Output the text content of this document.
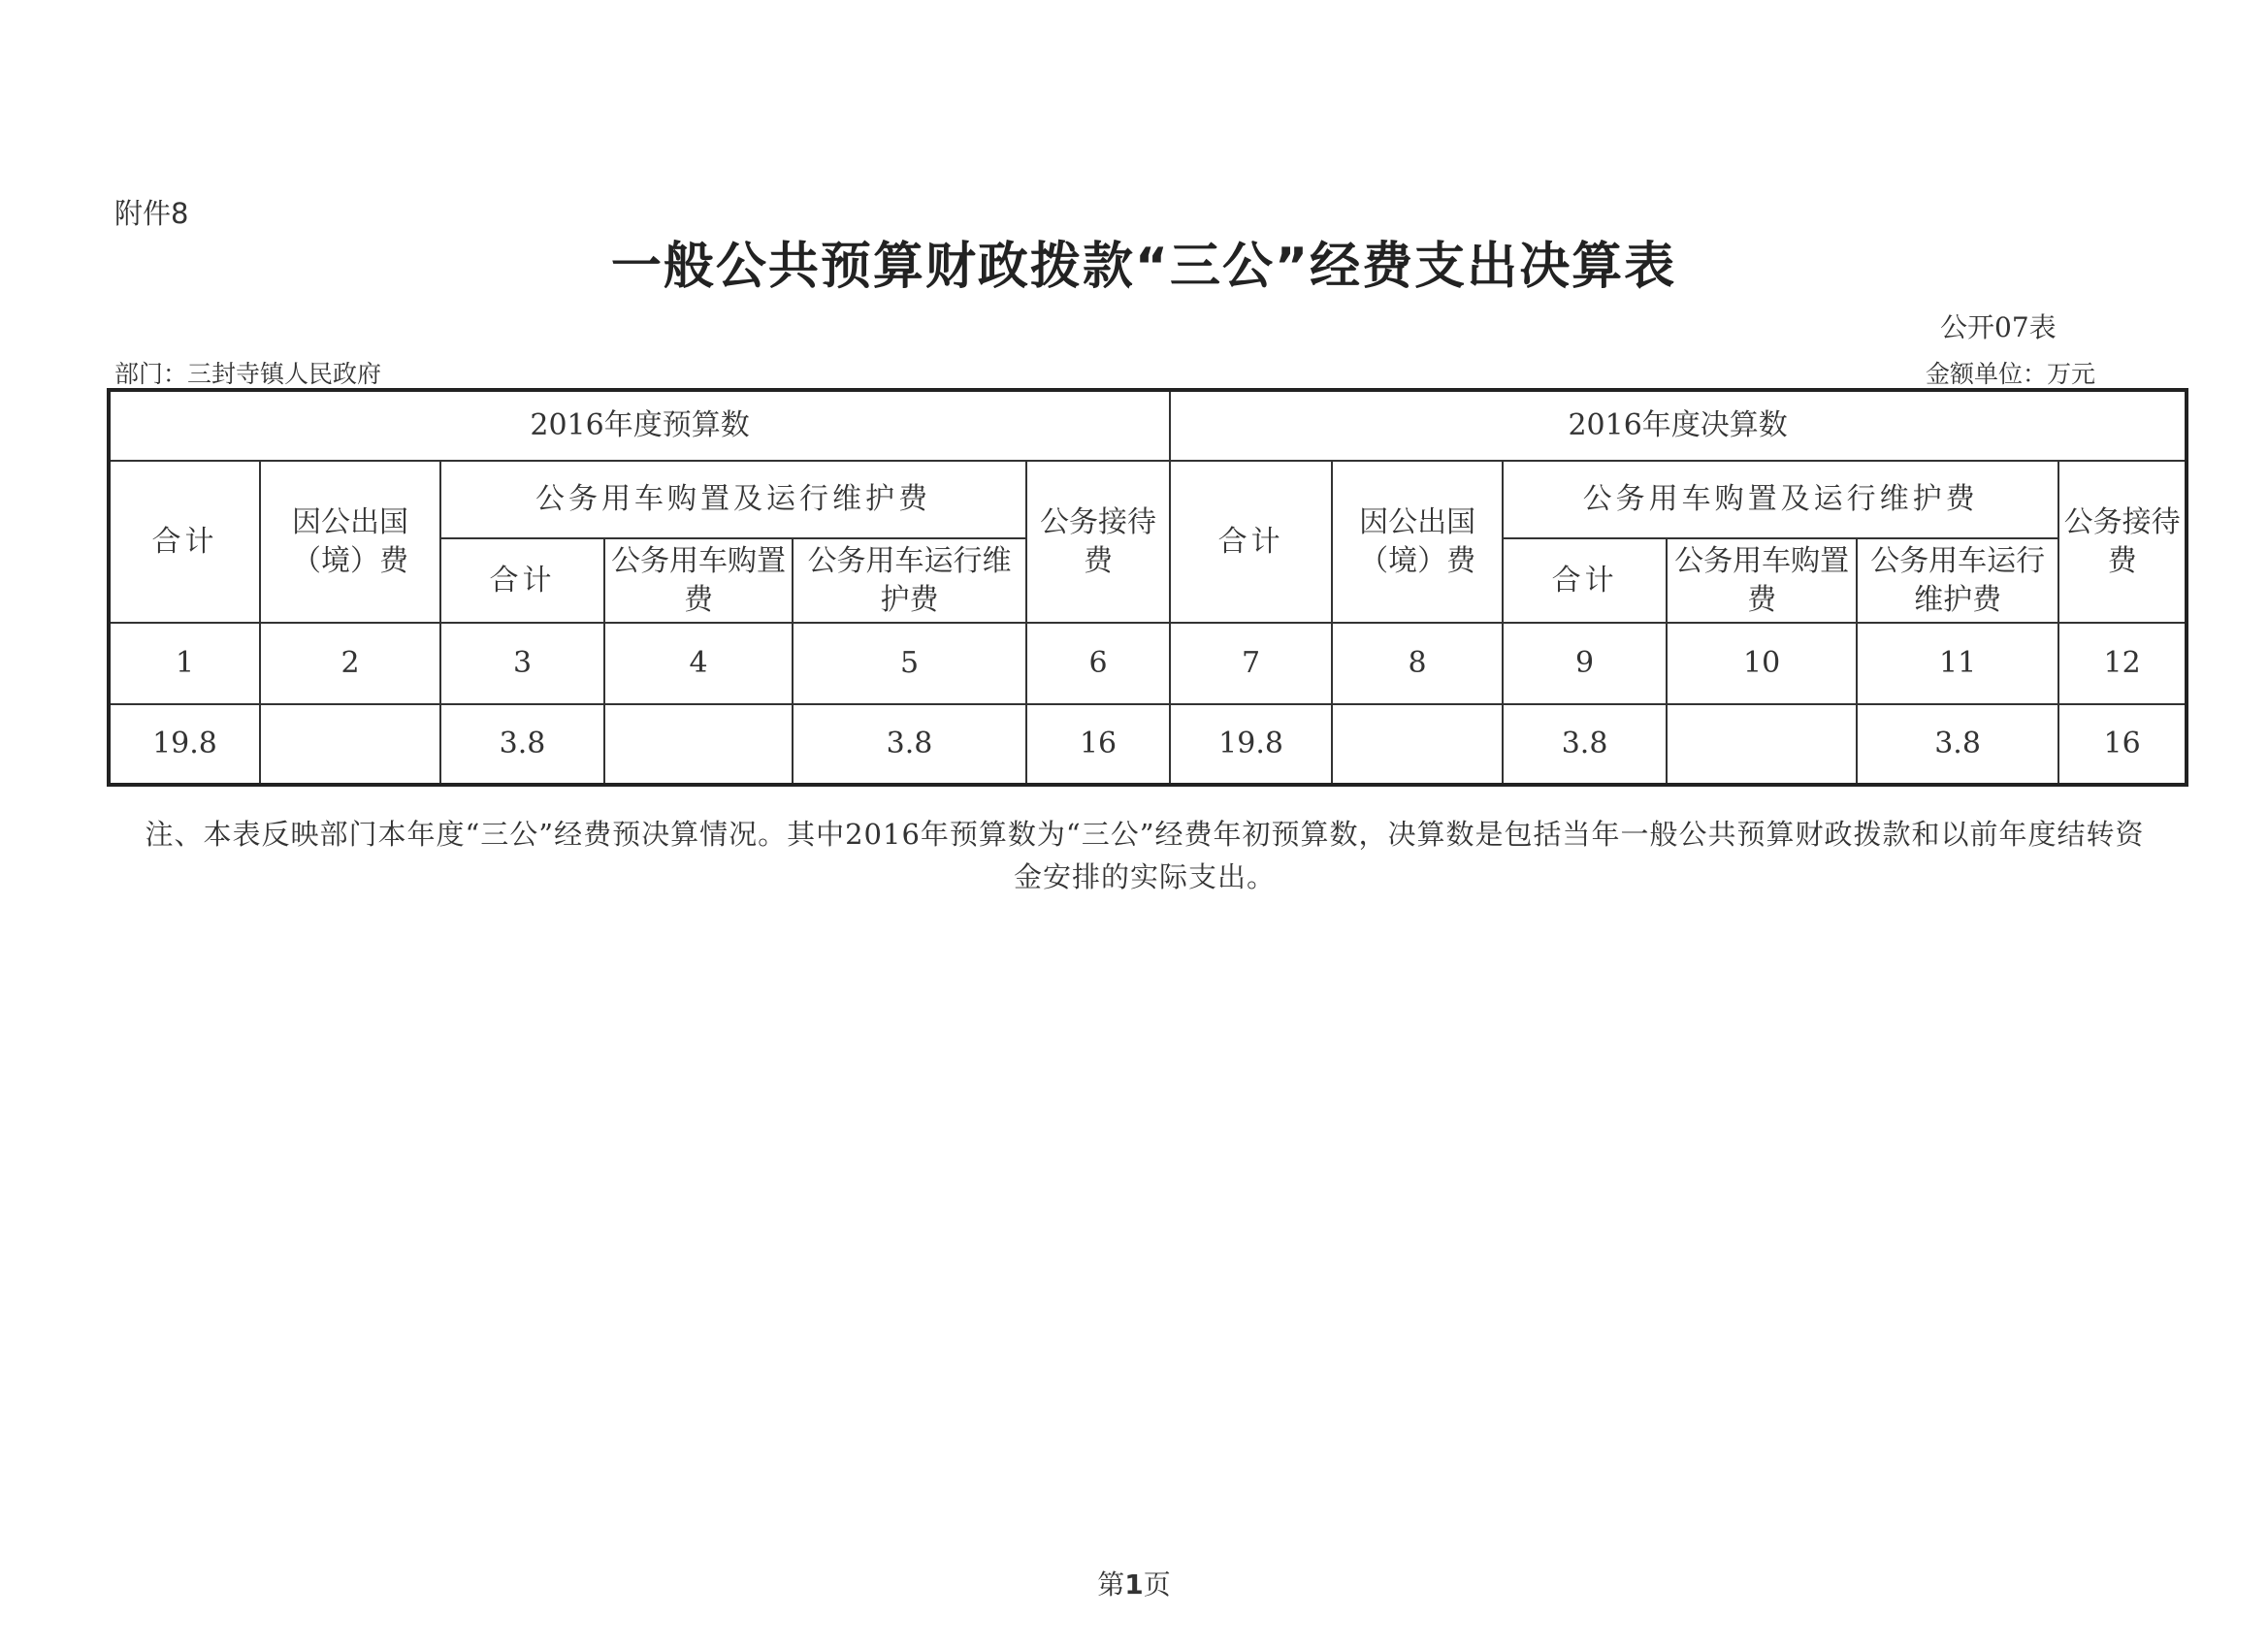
附件8
一般公共预算财政拨款“三公”经费支出决算表
公开07表
部门：三封寺镇人民政府	金额单位：万元
2016年度预算数						2016年度决算数					
合计	因公出国（境）费	公务用车购置及运行维护费			公务接待费	合计	因公出国（境）费	公务用车购置及运行维护费			公务接待费
		合计	公务用车购置费	公务用车运行维护费				合计	公务用车购置费	公务用车运行维护费	
1	2	3	4	5	6	7	8	9	10	11	12
19.8		3.8		3.8	16	19.8		3.8		3.8	16
注、本表反映部门本年度“三公”经费预决算情况。其中2016年预算数为“三公”经费年初预算数，决算数是包括当年一般公共预算财政拨款和以前年度结转资金安排的实际支出。
第1页
